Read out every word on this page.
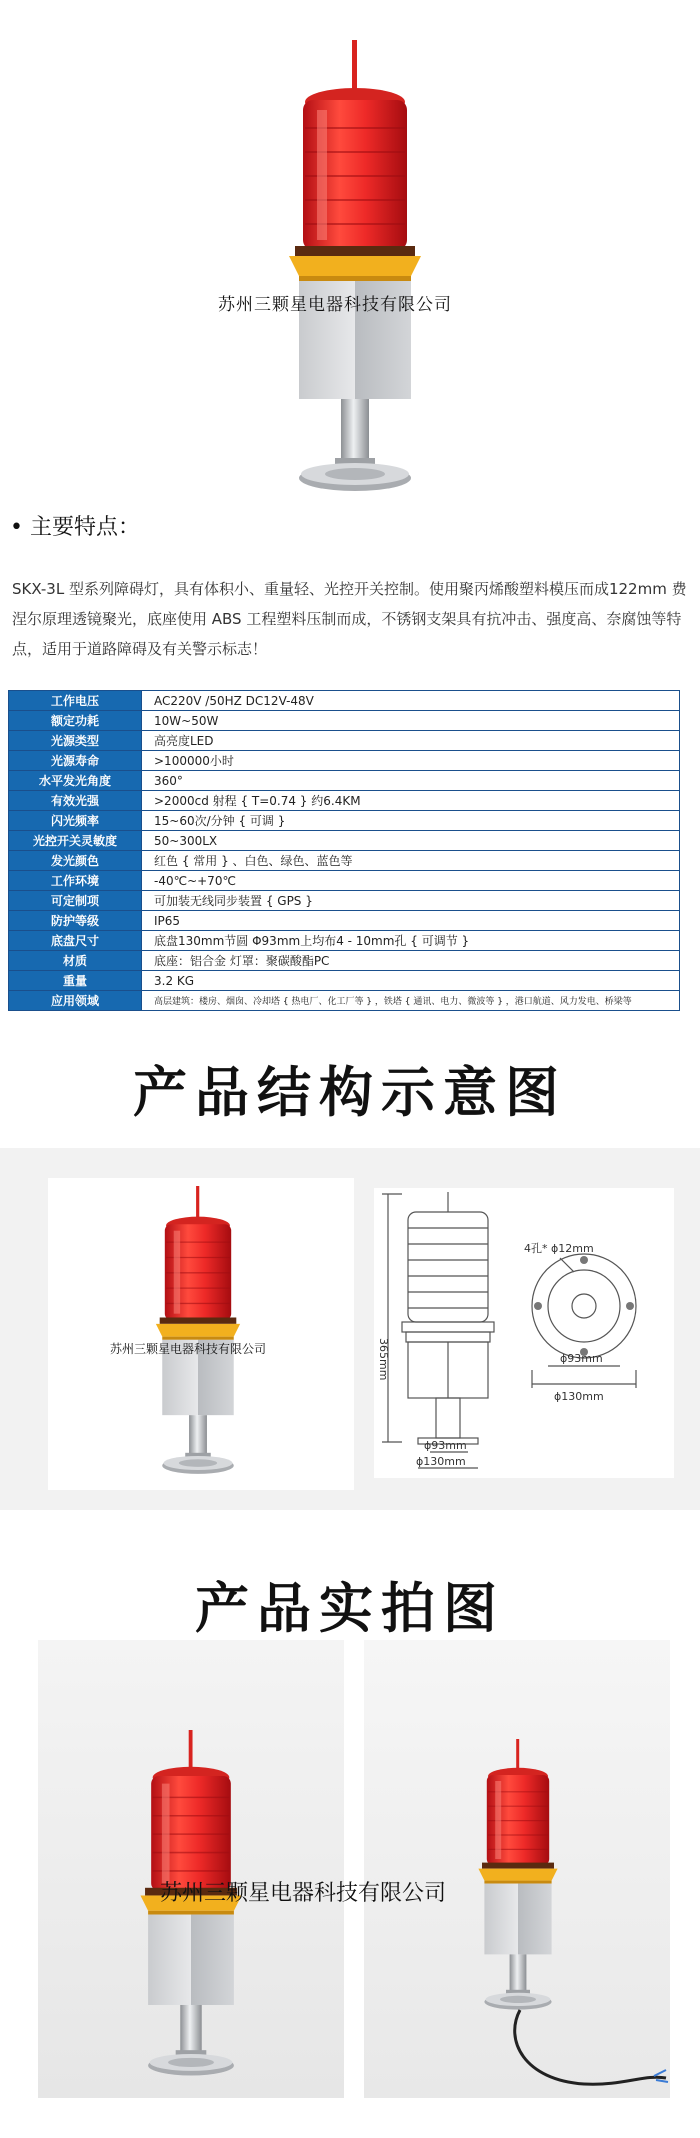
苏州三颗星电器科技有限公司
• 主要特点：
SKX-3L 型系列障碍灯，具有体积小、重量轻、光控开关控制。使用聚丙烯酸塑料模压而成122mm 费涅尔原理透镜聚光，底座使用 ABS 工程塑料压制而成，不锈钢支架具有抗冲击、强度高、奈腐蚀等特点，适用于道路障碍及有关警示标志！
工作电压	AC220V /50HZ DC12V-48V
额定功耗	10W~50W
光源类型	高亮度LED
光源寿命	>100000小时
水平发光角度	360°
有效光强	>2000cd 射程 { T=0.74 } 约6.4KM
闪光频率	15~60次/分钟 { 可调 }
光控开关灵敏度	50~300LX
发光颜色	红色 { 常用 } 、白色、绿色、蓝色等
工作环境	-40℃~+70℃
可定制项	可加装无线同步装置 { GPS }
防护等级	IP65
底盘尺寸	底盘130mm节圆 Φ93mm上均布4 - 10mm孔 { 可调节 }
材质	底座：铝合金 灯罩：聚碳酸酯PC
重量	3.2 KG
应用领域	高层建筑：楼房、烟囱、冷却塔 { 热电厂、化工厂等 } ，铁塔 { 通讯、电力、微波等 } ，港口航道、风力发电、桥梁等
产品结构示意图
苏州三颗星电器科技有限公司	365mm
4孔* ϕ12mm
ϕ93mm
ϕ130mm
ϕ93mm
ϕ130mm
产品实拍图
苏州三颗星电器科技有限公司
